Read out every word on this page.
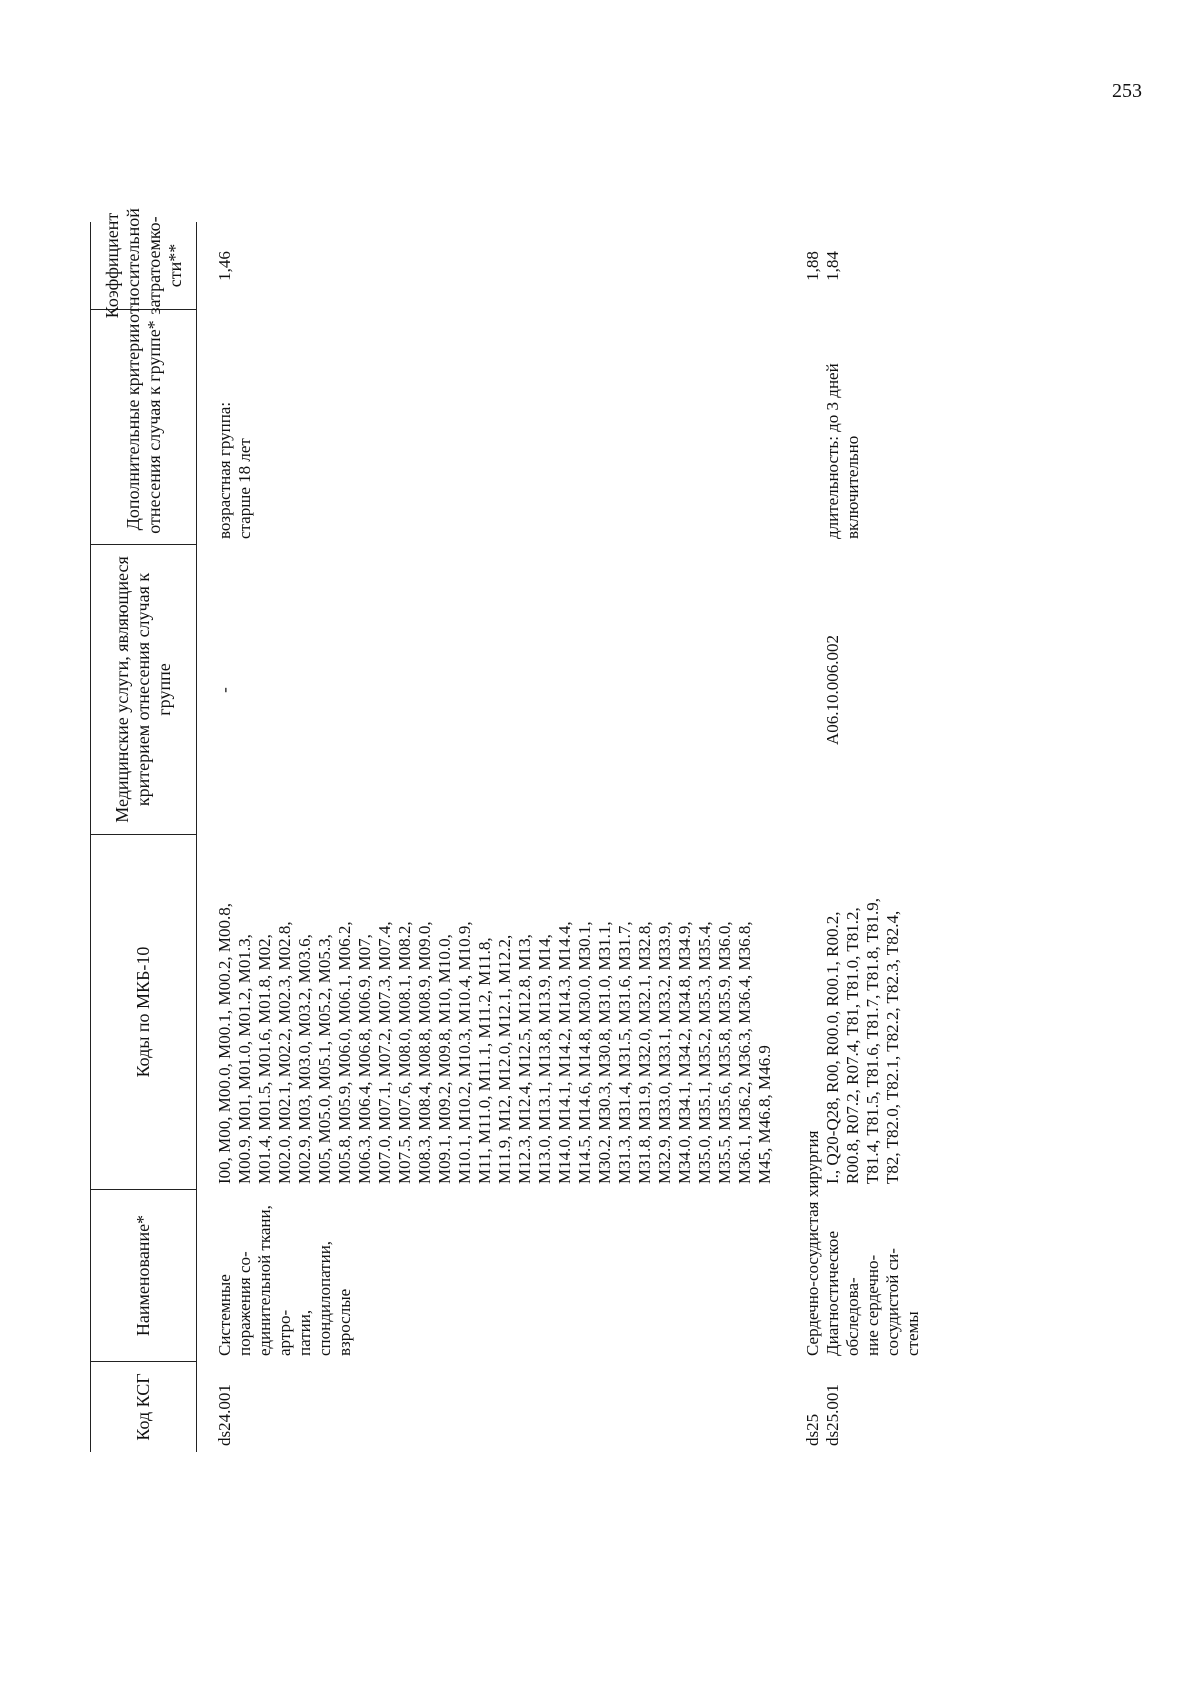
253
Код КСГ
Наименование*
Коды по МКБ-10
Медицинские услуги, являющиеся критерием отнесения случая к группе
Дополнительные критерии отнесения случая к группе*
Коэффициент относительной затратоемко-сти**
ds24.001
Системные поражения со-
единительной ткани, артро-
патии, спондилопатии,
взрослые
I00, M00, M00.0, M00.1, M00.2, M00.8,
M00.9, M01, M01.0, M01.2, M01.3,
M01.4, M01.5, M01.6, M01.8, M02,
M02.0, M02.1, M02.2, M02.3, M02.8,
M02.9, M03, M03.0, M03.2, M03.6,
M05, M05.0, M05.1, M05.2, M05.3,
M05.8, M05.9, M06.0, M06.1, M06.2,
M06.3, M06.4, M06.8, M06.9, M07,
M07.0, M07.1, M07.2, M07.3, M07.4,
M07.5, M07.6, M08.0, M08.1, M08.2,
M08.3, M08.4, M08.8, M08.9, M09.0,
M09.1, M09.2, M09.8, M10, M10.0,
M10.1, M10.2, M10.3, M10.4, M10.9,
M11, M11.0, M11.1, M11.2, M11.8,
M11.9, M12, M12.0, M12.1, M12.2,
M12.3, M12.4, M12.5, M12.8, M13,
M13.0, M13.1, M13.8, M13.9, M14,
M14.0, M14.1, M14.2, M14.3, M14.4,
M14.5, M14.6, M14.8, M30.0, M30.1,
M30.2, M30.3, M30.8, M31.0, M31.1,
M31.3, M31.4, M31.5, M31.6, M31.7,
M31.8, M31.9, M32.0, M32.1, M32.8,
M32.9, M33.0, M33.1, M33.2, M33.9,
M34.0, M34.1, M34.2, M34.8, M34.9,
M35.0, M35.1, M35.2, M35.3, M35.4,
M35.5, M35.6, M35.8, M35.9, M36.0,
M36.1, M36.2, M36.3, M36.4, M36.8,
M45, M46.8, M46.9
-
возрастная группа:
старше 18 лет
1,46
ds25
Сердечно-сосудистая хирургия
1,88
ds25.001
Диагностическое обследова-
ние сердечно-сосудистой си-
стемы
I., Q20-Q28, R00, R00.0, R00.1, R00.2,
R00.8, R07.2, R07.4, T81, T81.0, T81.2,
T81.4, T81.5, T81.6, T81.7, T81.8, T81.9,
T82, T82.0, T82.1, T82.2, T82.3, T82.4,
A06.10.006.002
длительность: до 3 дней
включительно
1,84
